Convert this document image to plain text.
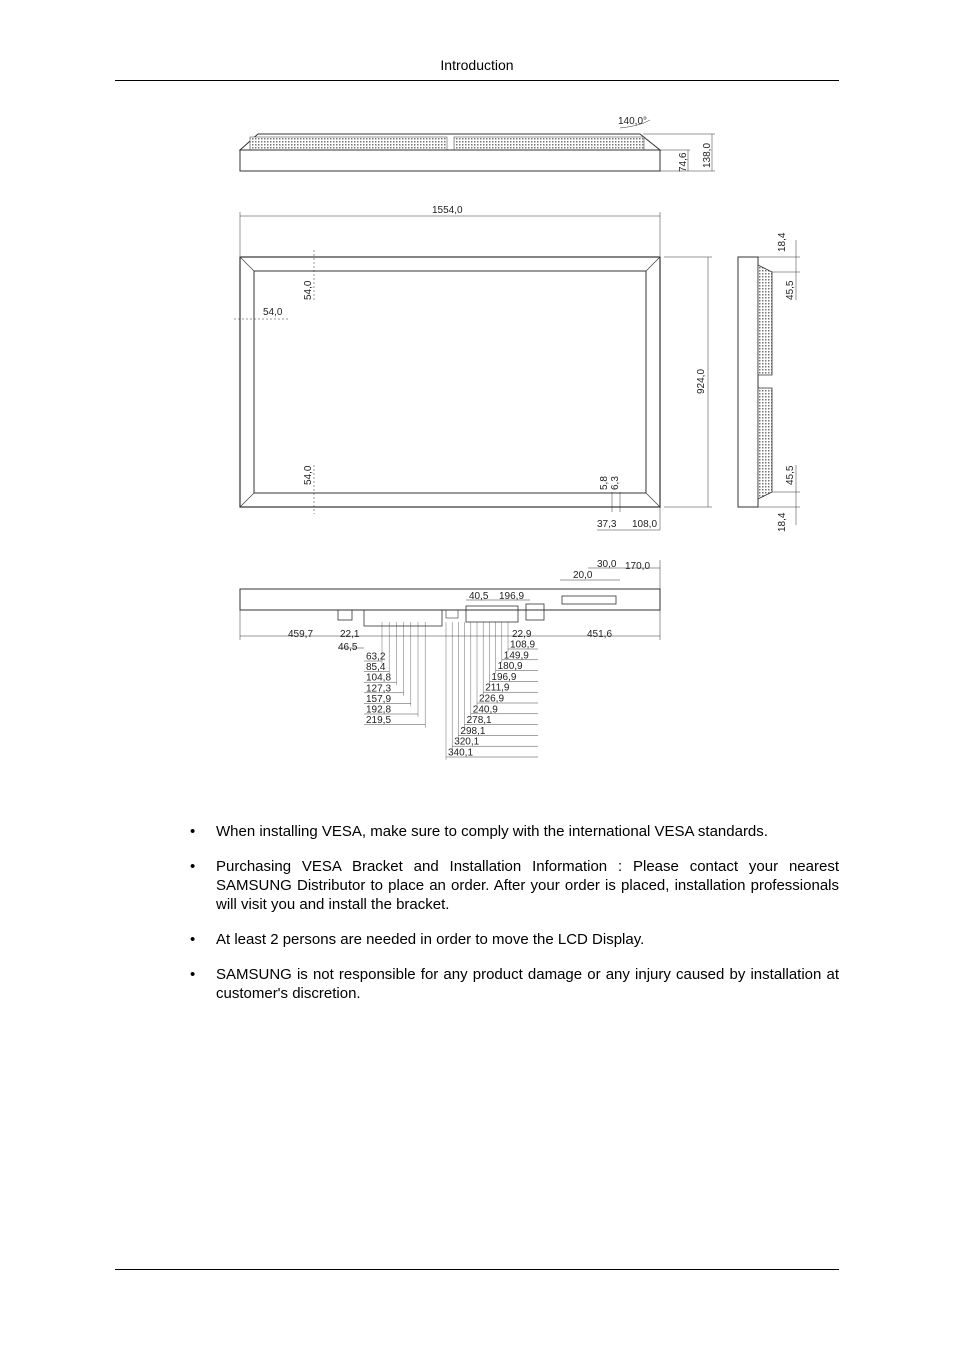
Introduction
140,0°
74,6 138,0
1554,0
924,0
54,0
54,0
54,0	5,8 6,3
37,3 108,0
18,4
45,5
45,5
18,4
30,0 170,0
20,0
40,5 196,9
459,7	22,1
46,5
22,9	451,6
63,2
85,4
104,8
127,3
157,9
192,8
219,5
108,9
149,9
180,9
196,9
211,9
226,9
240,9
278,1
298,1
320,1
340,1
• When installing VESA, make sure to comply with the international VESA standards.
• Purchasing VESA Bracket and Installation Information : Please contact your nearest SAMSUNG Distributor to place an order. After your order is placed, installation professionals will visit you and install the bracket.
• At least 2 persons are needed in order to move the LCD Display.
• SAMSUNG is not responsible for any product damage or any injury caused by installation at customer's discretion.
